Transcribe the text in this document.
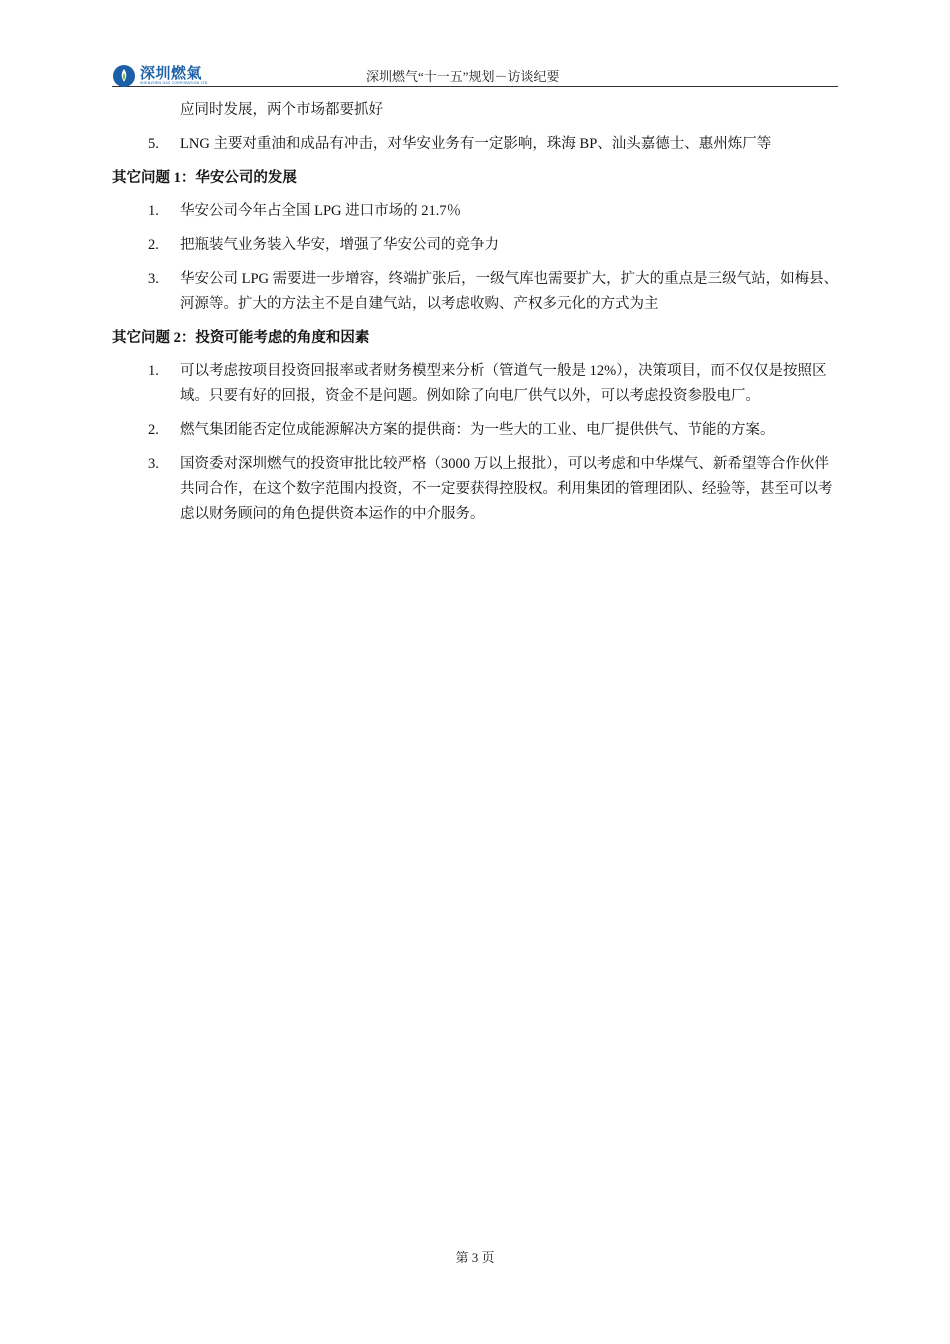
深圳燃氣
SHENZHEN GAS CORPORATION LTD	深圳燃气“十一五”规划－访谈纪要
应同时发展，两个市场都要抓好
5. LNG 主要对重油和成品有冲击，对华安业务有一定影响，珠海 BP、汕头嘉德士、惠州炼厂等
其它问题 1：华安公司的发展
1. 华安公司今年占全国 LPG 进口市场的 21.7％
2. 把瓶装气业务装入华安，增强了华安公司的竞争力
3. 华安公司 LPG 需要进一步增容，终端扩张后，一级气库也需要扩大，扩大的重点是三级气站，如梅县、河源等。扩大的方法主不是自建气站，以考虑收购、产权多元化的方式为主
其它问题 2：投资可能考虑的角度和因素
1. 可以考虑按项目投资回报率或者财务模型来分析（管道气一般是 12%），决策项目，而不仅仅是按照区域。只要有好的回报，资金不是问题。例如除了向电厂供气以外，可以考虑投资参股电厂。
2. 燃气集团能否定位成能源解决方案的提供商：为一些大的工业、电厂提供供气、节能的方案。
3. 国资委对深圳燃气的投资审批比较严格（3000 万以上报批），可以考虑和中华煤气、新希望等合作伙伴共同合作，在这个数字范围内投资，不一定要获得控股权。利用集团的管理团队、经验等，甚至可以考虑以财务顾问的角色提供资本运作的中介服务。
第 3 页
